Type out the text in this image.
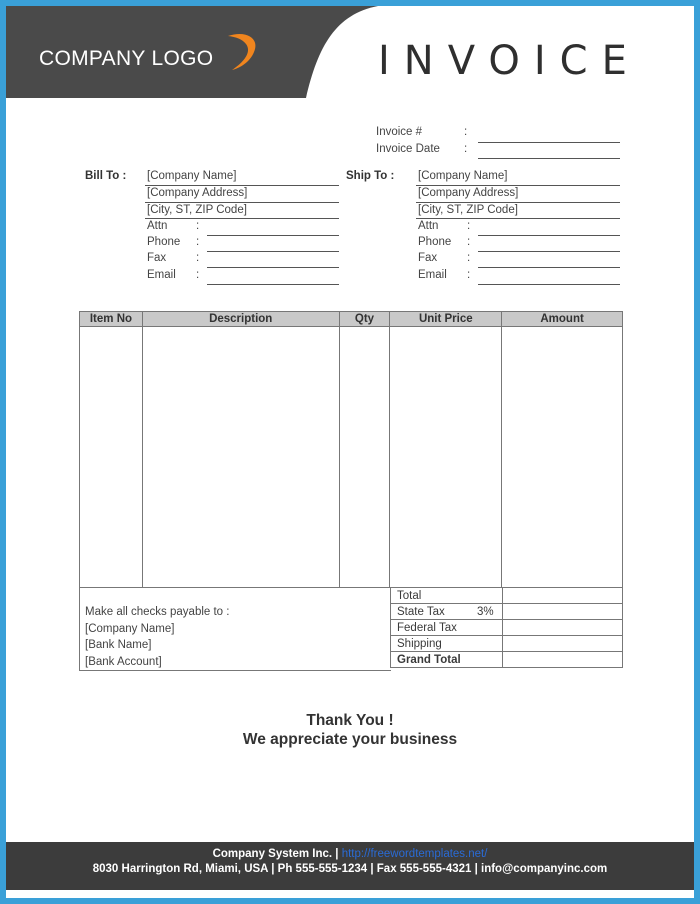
COMPANY LOGO	INVOICE
Invoice #	:
Invoice Date :
Bill To : [Company Name]
[Company Address]
[City, ST, ZIP Code]
Attn :
Phone :
Fax	:
Email :
Ship To : [Company Name]
[Company Address]
[City, ST, ZIP Code]
Attn :
Phone :
Fax	:
Email :
Item No	Description	Qty	Unit Price	Amount

Make all checks payable to :
[Company Name]
[Bank Name]
[Bank Account]
Total	
State Tax 3%	

Federal Tax	
Shipping	
Grand Total	
Thank You !
We appreciate your business
Company System Inc. | http://freewordtemplates.net/
8030 Harrington Rd, Miami, USA | Ph 555-555-1234 | Fax 555-555-4321 | info@companyinc.com
